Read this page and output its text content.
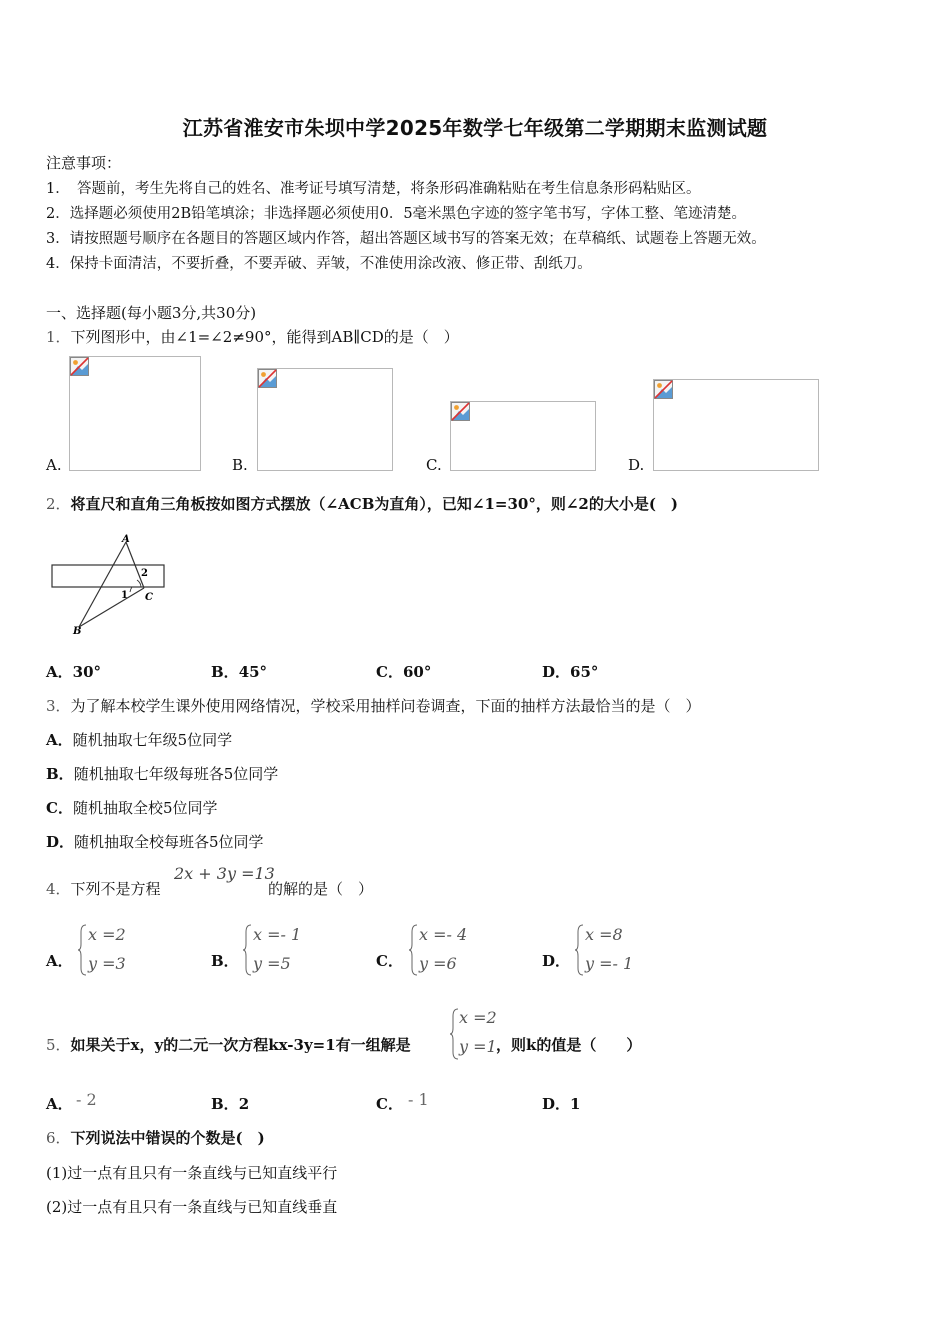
江苏省淮安市朱坝中学2025年数学七年级第二学期期末监测试题
注意事项：
1．　答题前，考生先将自己的姓名、准考证号填写清楚，将条形码准确粘贴在考生信息条形码粘贴区。
2．选择题必须使用2B铅笔填涂；非选择题必须使用0．5毫米黑色字迹的签字笔书写，字体工整、笔迹清楚。
3．请按照题号顺序在各题目的答题区域内作答，超出答题区域书写的答案无效；在草稿纸、试题卷上答题无效。
4．保持卡面清洁，不要折叠，不要弄破、弄皱，不准使用涂改液、修正带、刮纸刀。
一、选择题(每小题3分,共30分)
1．下列图形中，由∠1=∠2≠90°，能得到AB∥CD的是（　）
A.	B.	C.	D.
2．将直尺和直角三角板按如图方式摆放（∠ACB为直角），已知∠1=30°，则∠2的大小是(　)
A
B
C
1
2
A．30°	B．45°	C．60°	D．65°
3．为了解本校学生课外使用网络情况，学校采用抽样问卷调查，下面的抽样方法最恰当的是（　）
A．随机抽取七年级5位同学
B．随机抽取七年级每班各5位同学
C．随机抽取全校5位同学
D．随机抽取全校每班各5位同学
4．下列不是方程
2x + 3y =13
的解的是（　）
A．
x =2
y =3	B．
x =- 1
y =5	C．
x =- 4
y =6	D．
x =8
y =- 1
5．如果关于x，y的二元一次方程kx-3y=1有一组解是
x =2
y =1 ，则k的值是（　　）
A． - 2	B．2	C． - 1	D．1
6．下列说法中错误的个数是(　)
(1)过一点有且只有一条直线与已知直线平行
(2)过一点有且只有一条直线与已知直线垂直
